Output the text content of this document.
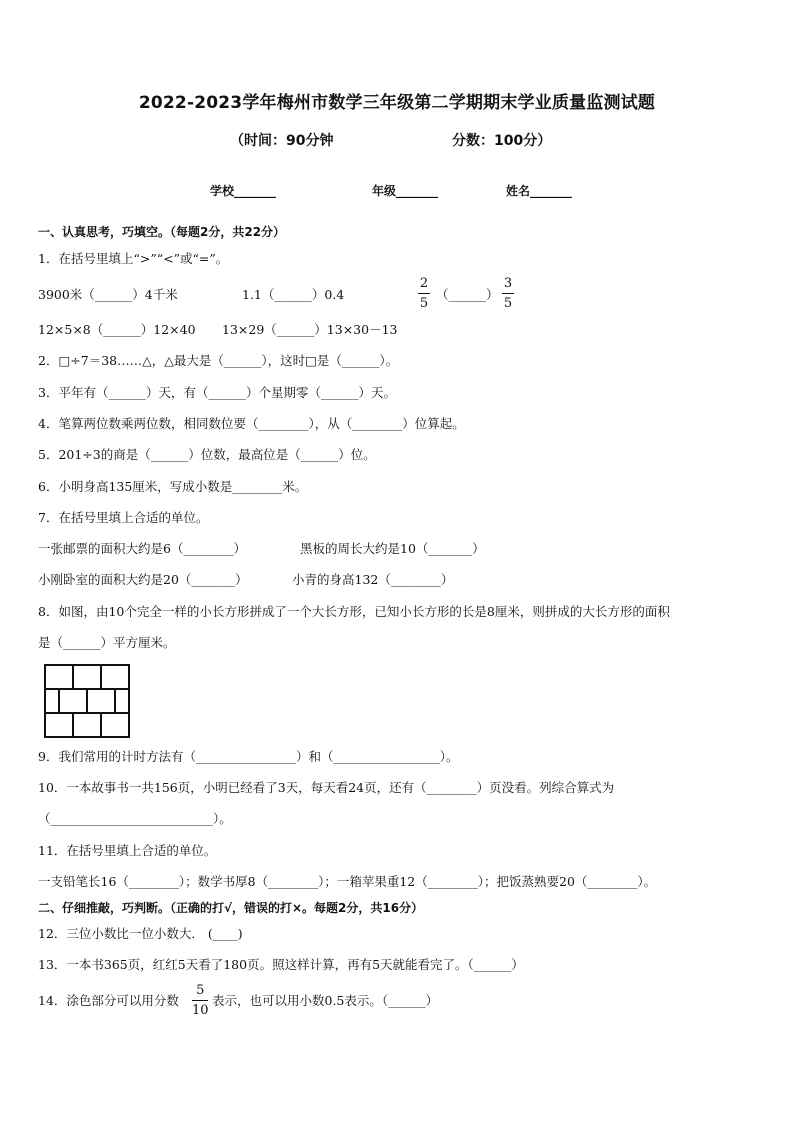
2022-2023学年梅州市数学三年级第二学期期末学业质量监测试题
（时间：90分钟	分数：100分）
学校_______	年级_______	姓名_______
一、认真思考，巧填空。（每题2分，共22分）
1．在括号里填上“>”“<”或“=”。
3900米（______）4千米	1.1（______）0.4
2
5
（______）
3
5
12×5×8（______）12×40 13×29（______）13×30－13
2．□÷7＝38……△，△最大是（______），这时□是（______）。
3．平年有（______）天，有（______）个星期零（______）天。
4．笔算两位数乘两位数，相同数位要（________），从（________）位算起。
5．201÷3的商是（______）位数，最高位是（______）位。
6．小明身高135厘米，写成小数是________米。
7．在括号里填上合适的单位。
一张邮票的面积大约是6（________）	黑板的周长大约是10（_______）
小刚卧室的面积大约是20（_______）	小青的身高132（________）
8．如图，由10个完全一样的小长方形拼成了一个大长方形，已知小长方形的长是8厘米，则拼成的大长方形的面积
是（______）平方厘米。
9．我们常用的计时方法有（________________）和（_________________）。
10．一本故事书一共156页，小明已经看了3天，每天看24页，还有（________）页没看。列综合算式为
（__________________________）。
11．在括号里填上合适的单位。
一支铅笔长16（________）；数学书厚8（________）；一箱苹果重12（________）；把饭蒸熟要20（________）。
二、仔细推敲，巧判断。（正确的打√，错误的打×。每题2分，共16分）
12．三位小数比一位小数大． (____)
13．一本书365页，红红5天看了180页。照这样计算，再有5天就能看完了。（______）
14．涂色部分可以用分数
5
10
表示，也可以用小数0.5表示。（______）
